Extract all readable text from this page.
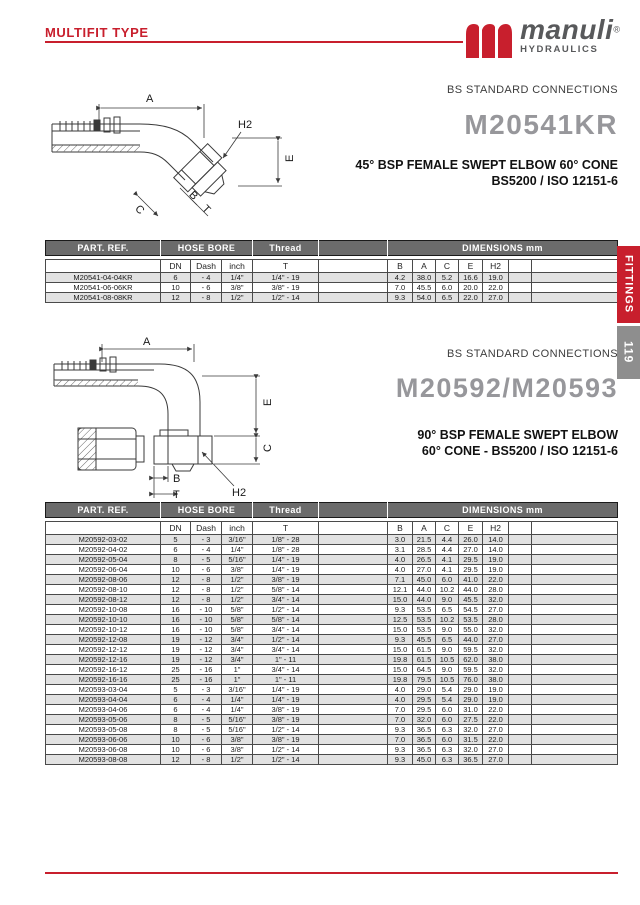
MULTIFIT TYPE	manuli®
HYDRAULICS
BS STANDARD CONNECTIONS
M20541KR
45° BSP FEMALE SWEPT ELBOW 60° CONE
BS5200 / ISO 12151-6
A
H2
E
B
T
C
PART. REF.	HOSE BORE	Thread		DIMENSIONS mm
	DN	Dash	inch	T		B	A	C	E	H2		
M20541-04-04KR	6	- 4	1/4"	1/4" - 19		4.2	38.0	5.2	16.6	19.0		
M20541-06-06KR	10	- 6	3/8"	3/8" - 19		7.0	45.5	6.0	20.0	22.0		
M20541-08-08KR	12	- 8	1/2"	1/2" - 14		9.3	54.0	6.5	22.0	27.0			FITTINGS
119
BS STANDARD CONNECTIONS
M20592/M20593
90° BSP FEMALE SWEPT ELBOW
60° CONE - BS5200 / ISO 12151-6
A
E
C
B
T	H2
PART. REF.	HOSE BORE	Thread		DIMENSIONS mm
	DN	Dash	inch	T		B	A	C	E	H2		
M20592-03-02	5	- 3	3/16"	1/8" - 28		3.0	21.5	4.4	26.0	14.0		
M20592-04-02	6	- 4	1/4"	1/8" - 28		3.1	28.5	4.4	27.0	14.0		
M20592-05-04	8	- 5	5/16"	1/4" - 19		4.0	26.5	4.1	29.5	19.0		
M20592-06-04	10	- 6	3/8"	1/4" - 19		4.0	27.0	4.1	29.5	19.0		
M20592-08-06	12	- 8	1/2"	3/8" - 19		7.1	45.0	6.0	41.0	22.0		
M20592-08-10	12	- 8	1/2"	5/8" - 14		12.1	44.0	10.2	44.0	28.0		
M20592-08-12	12	- 8	1/2"	3/4" - 14		15.0	44.0	9.0	45.5	32.0		
M20592-10-08	16	- 10	5/8"	1/2" - 14		9.3	53.5	6.5	54.5	27.0		
M20592-10-10	16	- 10	5/8"	5/8" - 14		12.5	53.5	10.2	53.5	28.0		
M20592-10-12	16	- 10	5/8"	3/4" - 14		15.0	53.5	9.0	55.0	32.0		
M20592-12-08	19	- 12	3/4"	1/2" - 14		9.3	45.5	6.5	44.0	27.0		
M20592-12-12	19	- 12	3/4"	3/4" - 14		15.0	61.5	9.0	59.5	32.0		
M20592-12-16	19	- 12	3/4"	1" - 11		19.8	61.5	10.5	62.0	38.0		
M20592-16-12	25	- 16	1"	3/4" - 14		15.0	64.5	9.0	59.5	32.0		
M20592-16-16	25	- 16	1"	1" - 11		19.8	79.5	10.5	76.0	38.0		
M20593-03-04	5	- 3	3/16"	1/4" - 19		4.0	29.0	5.4	29.0	19.0		
M20593-04-04	6	- 4	1/4"	1/4" - 19		4.0	29.5	5.4	29.0	19.0		
M20593-04-06	6	- 4	1/4"	3/8" - 19		7.0	29.5	6.0	31.0	22.0		
M20593-05-06	8	- 5	5/16"	3/8" - 19		7.0	32.0	6.0	27.5	22.0		
M20593-05-08	8	- 5	5/16"	1/2" - 14		9.3	36.5	6.3	32.0	27.0		
M20593-06-06	10	- 6	3/8"	3/8" - 19		7.0	36.5	6.0	31.5	22.0		
M20593-06-08	10	- 6	3/8"	1/2" - 14		9.3	36.5	6.3	32.0	27.0		
M20593-08-08	12	- 8	1/2"	1/2" - 14		9.3	45.0	6.3	36.5	27.0		
